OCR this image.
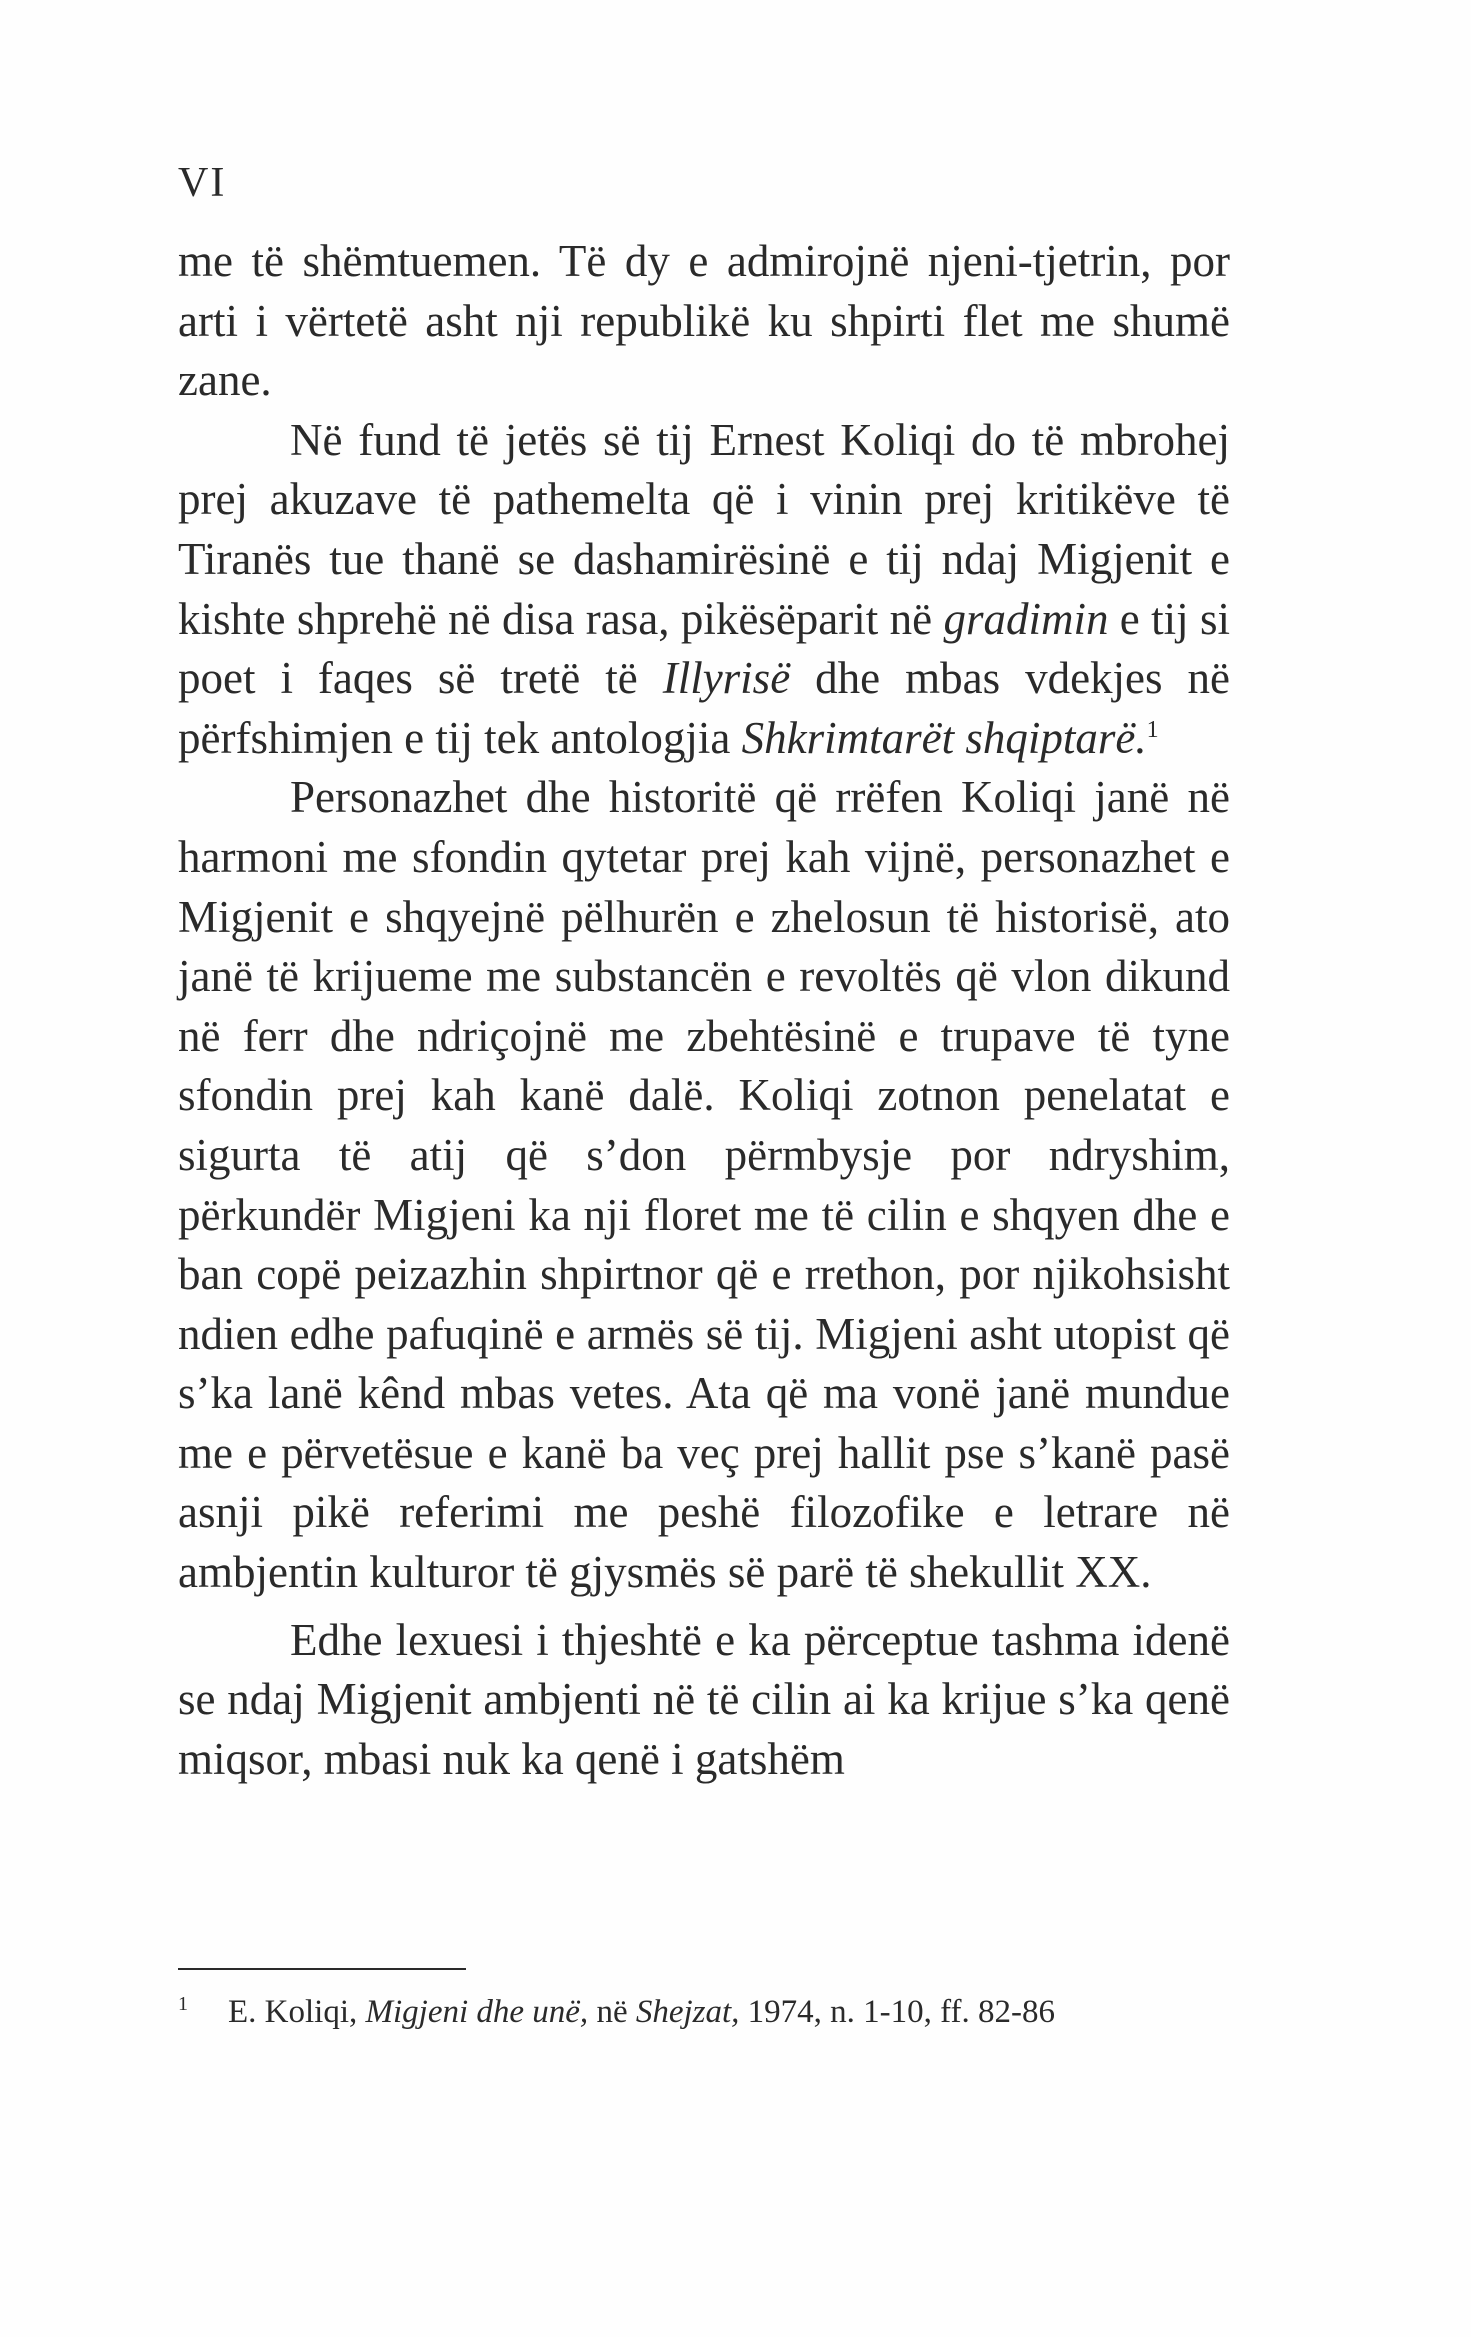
VI

me të shëmtuemen. Të dy e admirojnë njeni-tjetrin, por arti i vërtetë asht nji republikë ku shpirti flet me shumë zane.

Në fund të jetës së tij Ernest Koliqi do të mbrohej prej akuzave të pathemelta që i vinin prej kritikëve të Tiranës tue thanë se dashamirësinë e tij ndaj Migjenit e kishte shprehë në disa rasa, pikësëparit në gradimin e tij si poet i faqes së tretë të Illyrisë dhe mbas vdekjes në përfshimjen e tij tek antologjia Shkrimtarët shqiptarë.$^1$

Personazhet dhe historitë që rrëfen Koliqi janë në harmoni me sfondin qytetar prej kah vijnë, personazhet e Migjenit e shqyejnë pëlhurën e zhelosun të historisë, ato janë të krijueme me substancën e revoltës që vlon dikund në ferr dhe ndriçojnë me zbehtësinë e trupave të tyne sfondin prej kah kanë dalë. Koliqi zotnon penelatat e sigurta të atij që s’don përmbysje por ndryshim, përkundër Migjeni ka nji floret me të cilin e shqyen dhe e ban copë peizazhin shpirtnor që e rrethon, por njikohsisht ndien edhe pafuqinë e armës së tij. Migjeni asht utopist që s’ka lanë kênd mbas vetes. Ata që ma vonë janë mundue me e përvetësue e kanë ba veç prej hallit pse s’kanë pasë asnji pikë referimi me peshë filozofike e letrare në ambjentin kulturor të gjysmës së parë të shekullit XX.

Edhe lexuesi i thjeshtë e ka përceptue tashma idenë se ndaj Migjenit ambjenti në të cilin ai ka krijue s’ka qenë miqsor, mbasi nuk ka qenë i gatshëm

1 E. Koliqi, Migjeni dhe unë, në Shejzat, 1974, n. 1-10, ff. 82-86
